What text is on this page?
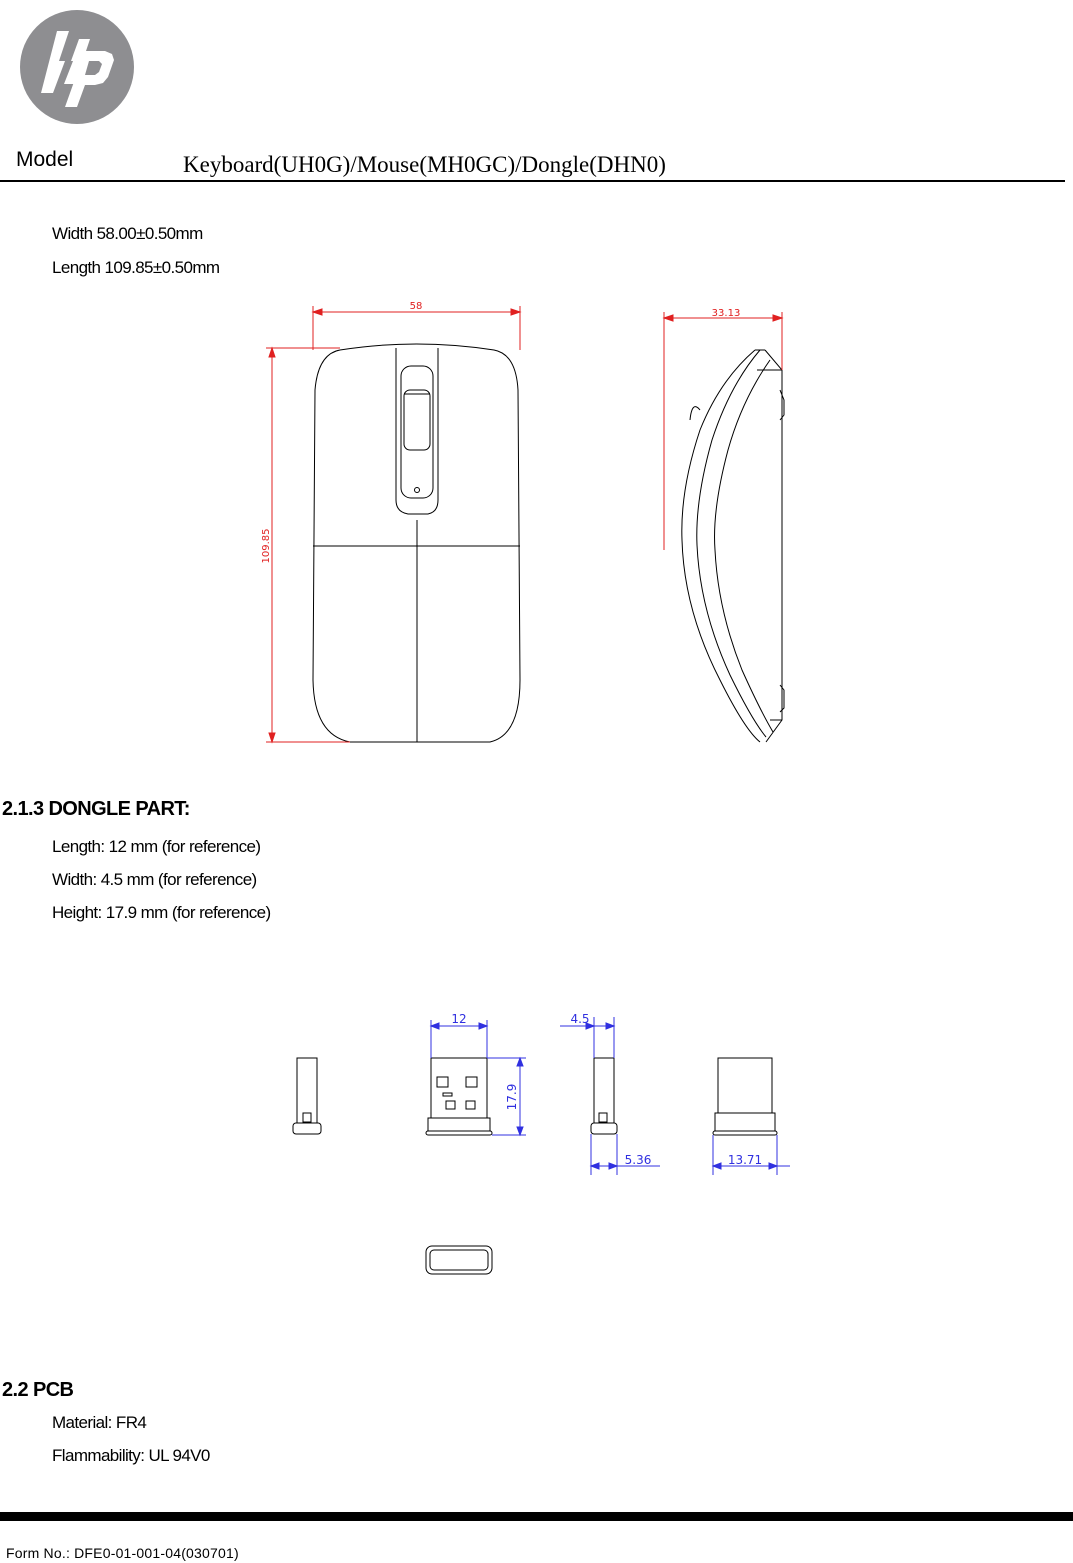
Model	Keyboard(UH0G)/Mouse(MH0GC)/Dongle(DHN0)
Width 58.00±0.50mm
Length 109.85±0.50mm
58
109.85
33.13
2.1.3 DONGLE PART:
Length: 12 mm (for reference)
Width: 4.5 mm (for reference)
Height: 17.9 mm (for reference)
12
17.9
4.5
5.36	13.71
2.2 PCB
Material: FR4
Flammability: UL 94V0
Form No.: DFE0-01-001-04(030701)
